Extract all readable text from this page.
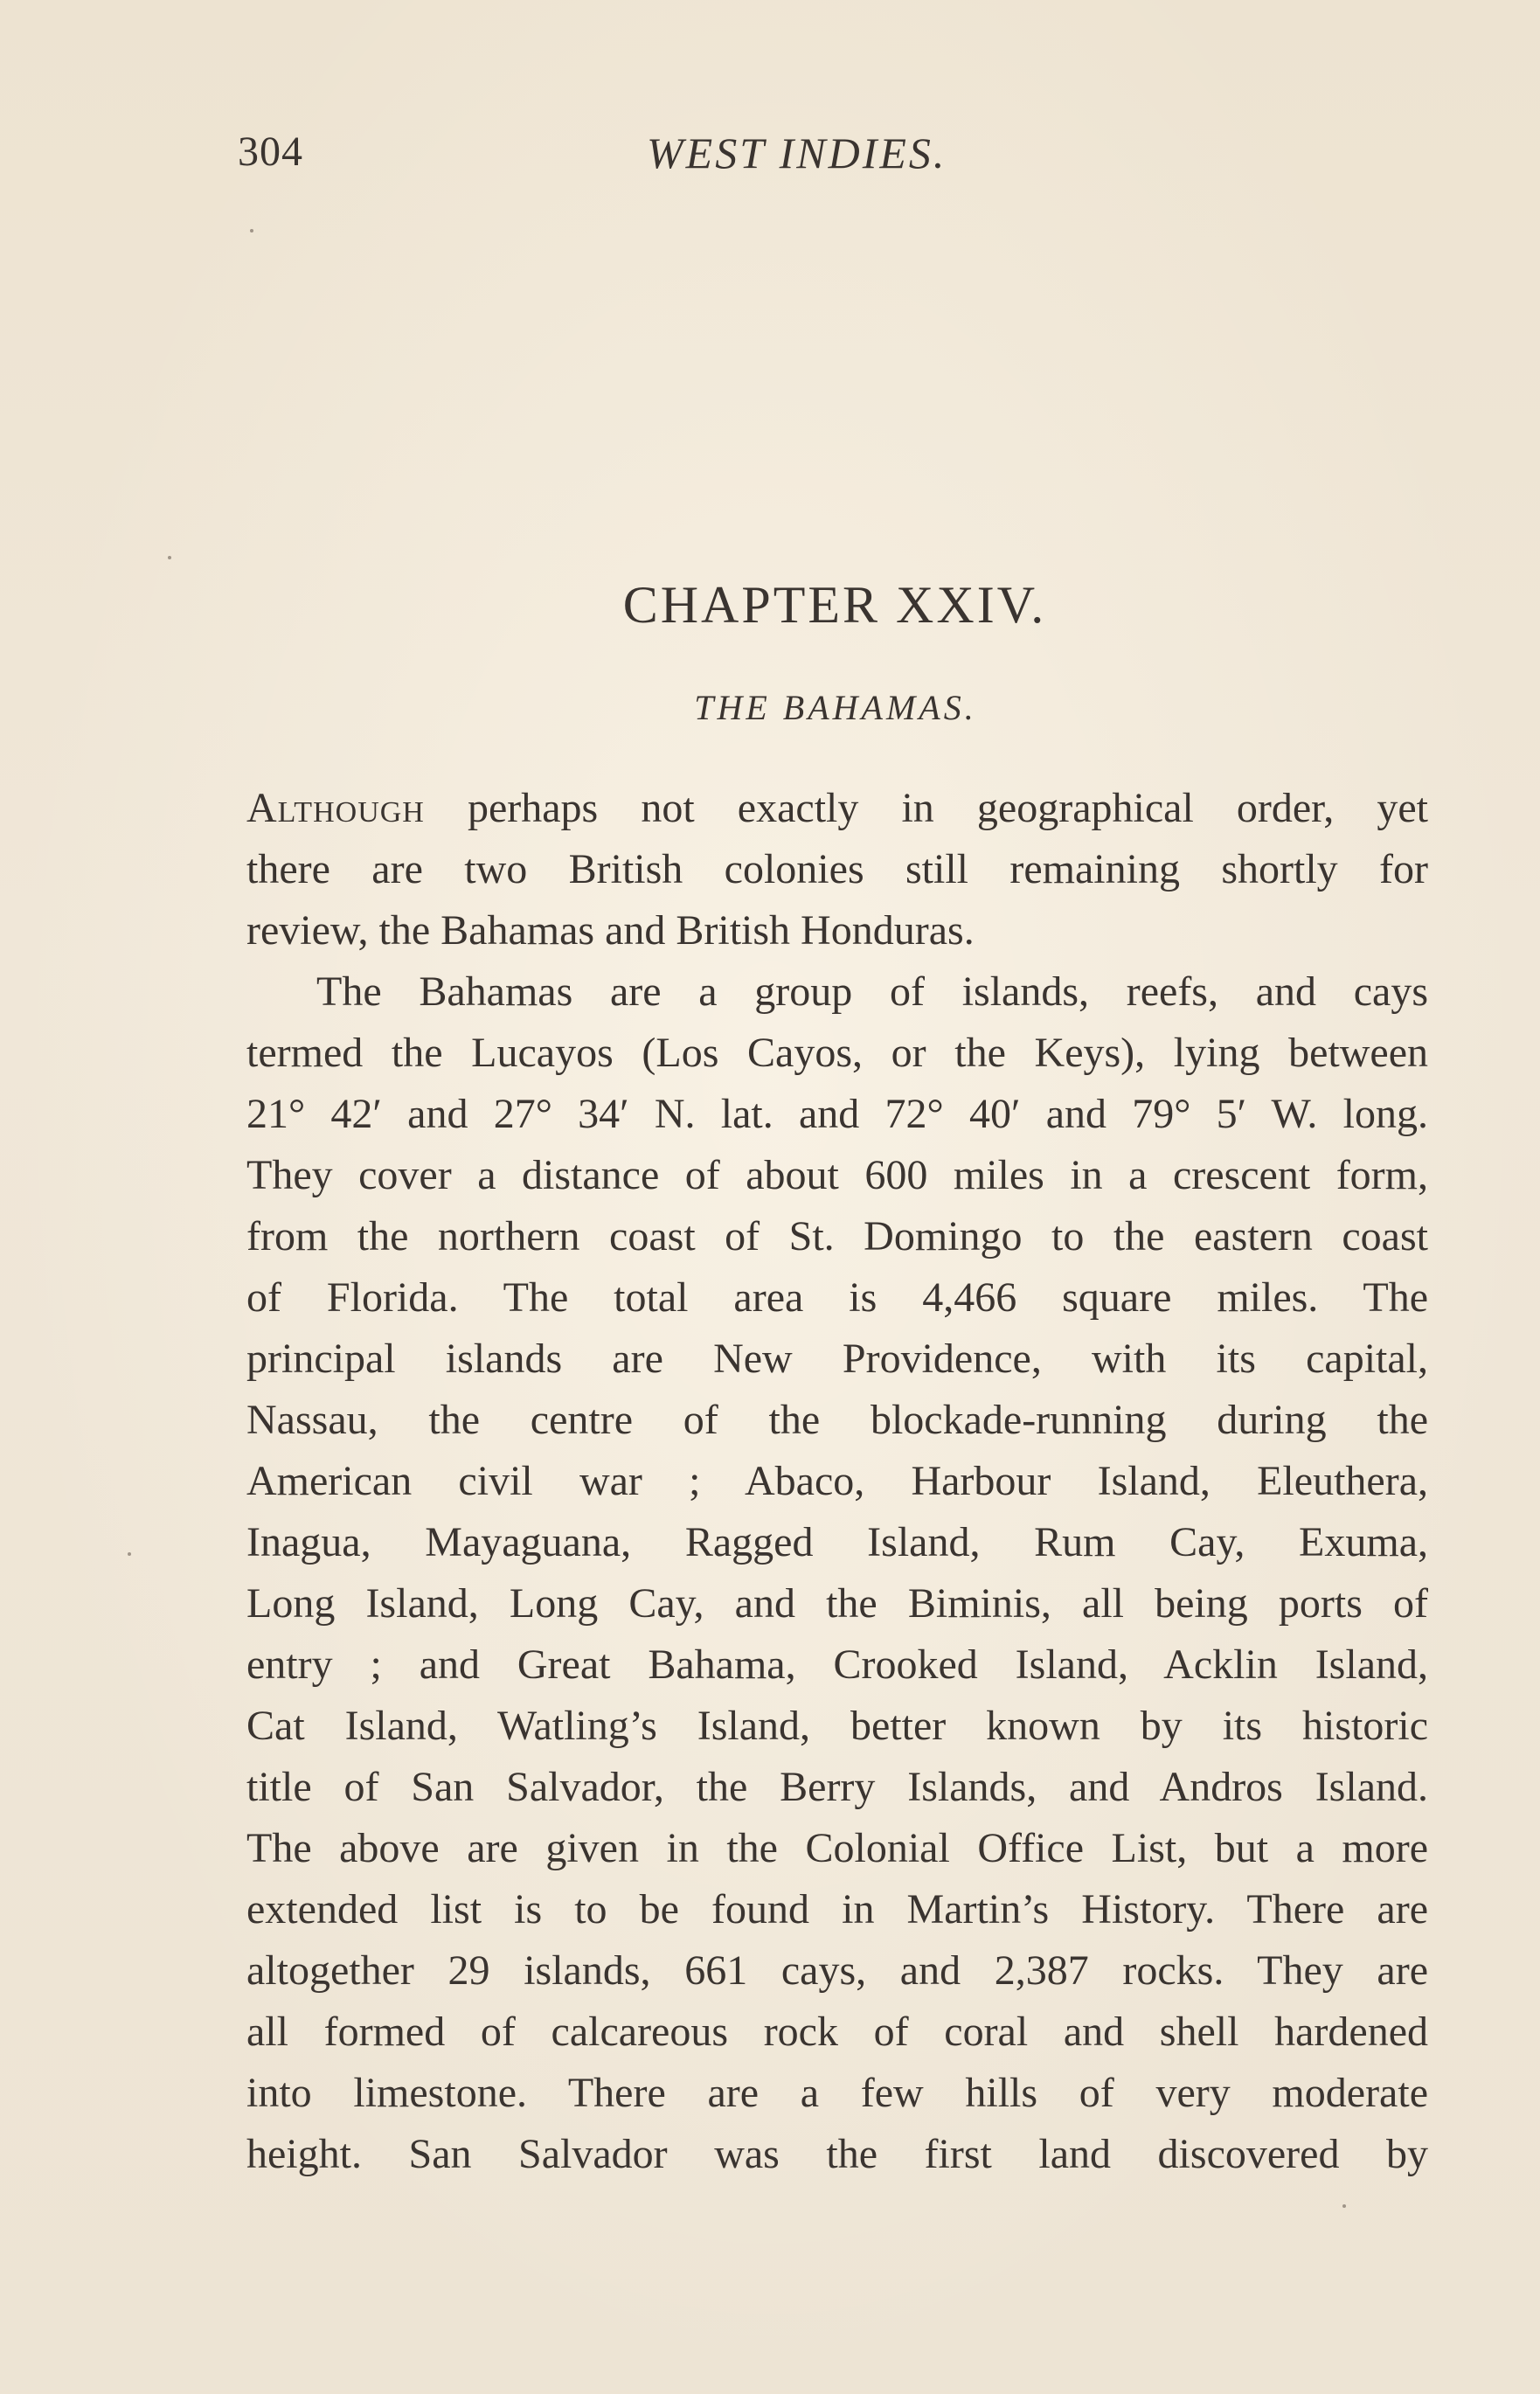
304	WEST INDIES.
CHAPTER XXIV.
THE BAHAMAS.
Although perhaps not exactly in geographical order, yet
there are two British colonies still remaining shortly for
review, the Bahamas and British Honduras.
The Bahamas are a group of islands, reefs, and cays
termed the Lucayos (Los Cayos, or the Keys), lying between
21° 42′ and 27° 34′ N. lat. and 72° 40′ and 79° 5′ W. long.
They cover a distance of about 600 miles in a crescent form,
from the northern coast of St. Domingo to the eastern coast
of Florida. The total area is 4,466 square miles. The
principal islands are New Providence, with its capital,
Nassau, the centre of the blockade-running during the
American civil war ; Abaco, Harbour Island, Eleuthera,
Inagua, Mayaguana, Ragged Island, Rum Cay, Exuma,
Long Island, Long Cay, and the Biminis, all being ports of
entry ; and Great Bahama, Crooked Island, Acklin Island,
Cat Island, Watling’s Island, better known by its historic
title of San Salvador, the Berry Islands, and Andros Island.
The above are given in the Colonial Office List, but a more
extended list is to be found in Martin’s History. There are
altogether 29 islands, 661 cays, and 2,387 rocks. They are
all formed of calcareous rock of coral and shell hardened
into limestone. There are a few hills of very moderate
height. San Salvador was the first land discovered by
